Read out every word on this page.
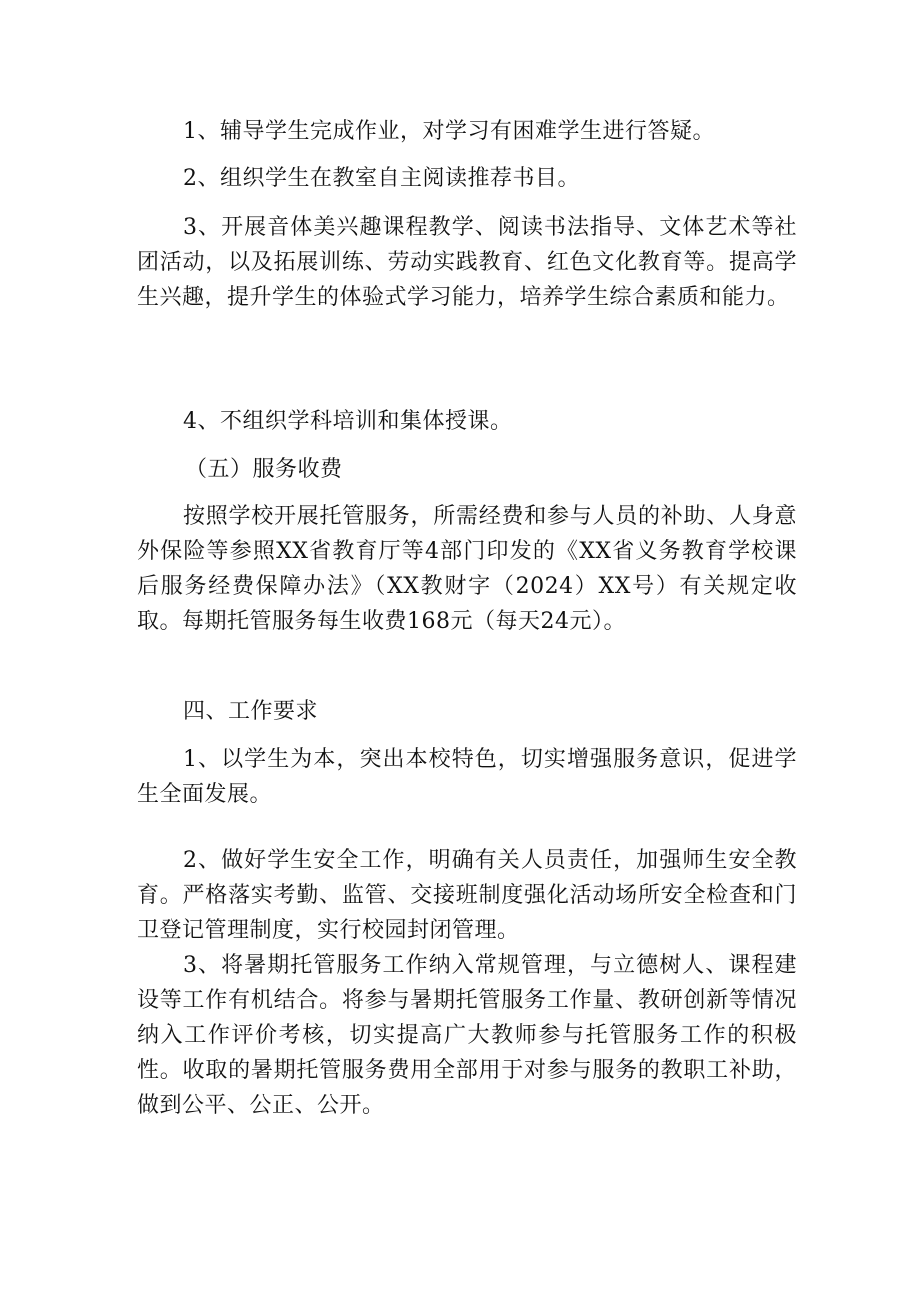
1、辅导学生完成作业，对学习有困难学生进行答疑。

2、组织学生在教室自主阅读推荐书目。

3、开展音体美兴趣课程教学、阅读书法指导、文体艺术等社团活动，以及拓展训练、劳动实践教育、红色文化教育等。提高学生兴趣，提升学生的体验式学习能力，培养学生综合素质和能力。

4、不组织学科培训和集体授课。

（五）服务收费

按照学校开展托管服务，所需经费和参与人员的补助、人身意外保险等参照XX省教育厅等4部门印发的《XX省义务教育学校课后服务经费保障办法》（XX教财字（2024）XX号）有关规定收取。每期托管服务每生收费168元（每天24元）。

四、工作要求

1、以学生为本，突出本校特色，切实增强服务意识，促进学生全面发展。

2、做好学生安全工作，明确有关人员责任，加强师生安全教育。严格落实考勤、监管、交接班制度强化活动场所安全检查和门卫登记管理制度，实行校园封闭管理。

3、将暑期托管服务工作纳入常规管理，与立德树人、课程建设等工作有机结合。将参与暑期托管服务工作量、教研创新等情况纳入工作评价考核，切实提高广大教师参与托管服务工作的积极性。收取的暑期托管服务费用全部用于对参与服务的教职工补助，做到公平、公正、公开。
